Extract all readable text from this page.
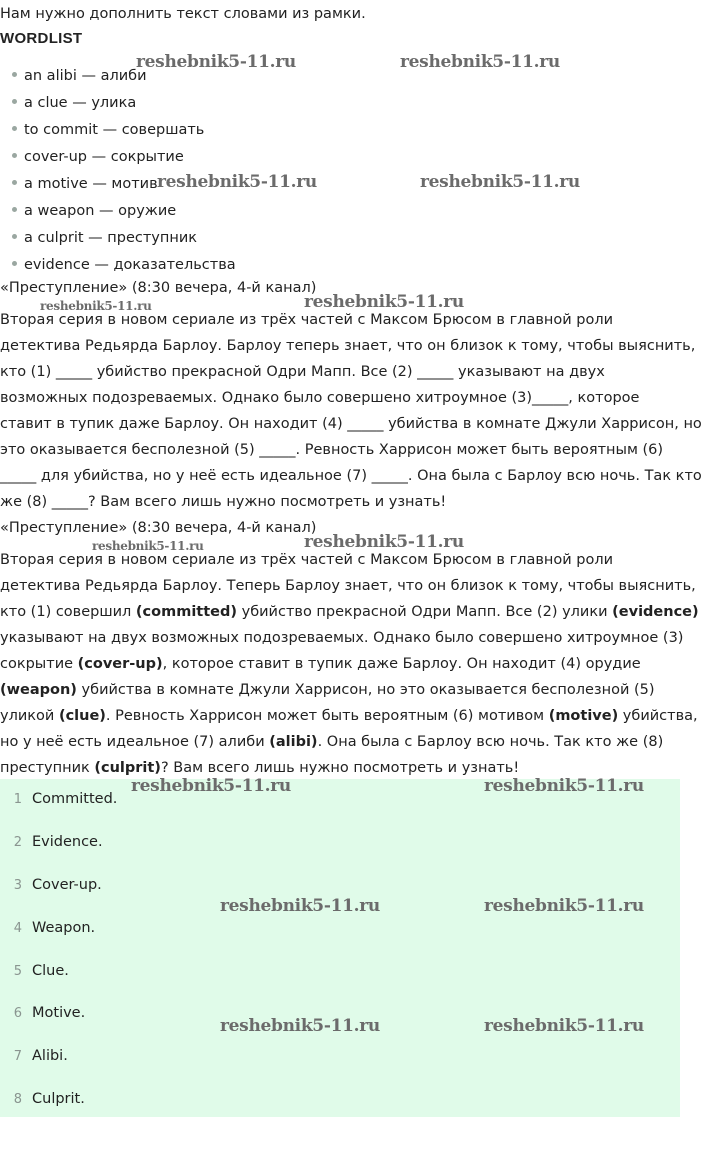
Нам нужно дополнить текст словами из рамки.
WORDLIST
an alibi — алиби
a clue — улика
to commit — совершать
cover-up — сокрытие
a motive — мотив
a weapon — оружие
a culprit — преступник
evidence — доказательства
«Преступление» (8:30 вечера, 4-й канал)
Вторая серия в новом сериале из трёх частей с Максом Брюсом в главной роли
детектива Редьярда Барлоу. Барлоу теперь знает, что он близок к тому, чтобы выяснить,
кто (1) _____ убийство прекрасной Одри Мапп. Все (2) _____ указывают на двух
возможных подозреваемых. Однако было совершено хитроумное (3)_____, которое
ставит в тупик даже Барлоу. Он находит (4) _____ убийства в комнате Джули Харрисон, но
это оказывается бесполезной (5) _____. Ревность Харрисон может быть вероятным (6)
_____ для убийства, но у неё есть идеальное (7) _____. Она была с Барлоу всю ночь. Так кто
же (8) _____? Вам всего лишь нужно посмотреть и узнать!
«Преступление» (8:30 вечера, 4-й канал)
Вторая серия в новом сериале из трёх частей с Максом Брюсом в главной роли
детектива Редьярда Барлоу. Теперь Барлоу знает, что он близок к тому, чтобы выяснить,
кто (1) совершил (committed) убийство прекрасной Одри Мапп. Все (2) улики (evidence)
указывают на двух возможных подозреваемых. Однако было совершено хитроумное (3)
сокрытие (cover-up), которое ставит в тупик даже Барлоу. Он находит (4) орудие
(weapon) убийства в комнате Джули Харрисон, но это оказывается бесполезной (5)
уликой (clue). Ревность Харрисон может быть вероятным (6) мотивом (motive) убийства,
но у неё есть идеальное (7) алиби (alibi). Она была с Барлоу всю ночь. Так кто же (8)
преступник (culprit)? Вам всего лишь нужно посмотреть и узнать!
1 Committed.
2 Evidence.
3 Cover-up.
4 Weapon.
5 Clue.
6 Motive.
7 Alibi.
8 Culprit.
reshebnik5-11.ru	reshebnik5-11.ru
reshebnik5-11.ru	reshebnik5-11.ru
reshebnik5-11.ru	reshebnik5-11.ru
reshebnik5-11.ru	reshebnik5-11.ru
reshebnik5-11.ru	reshebnik5-11.ru
reshebnik5-11.ru	reshebnik5-11.ru
reshebnik5-11.ru	reshebnik5-11.ru
